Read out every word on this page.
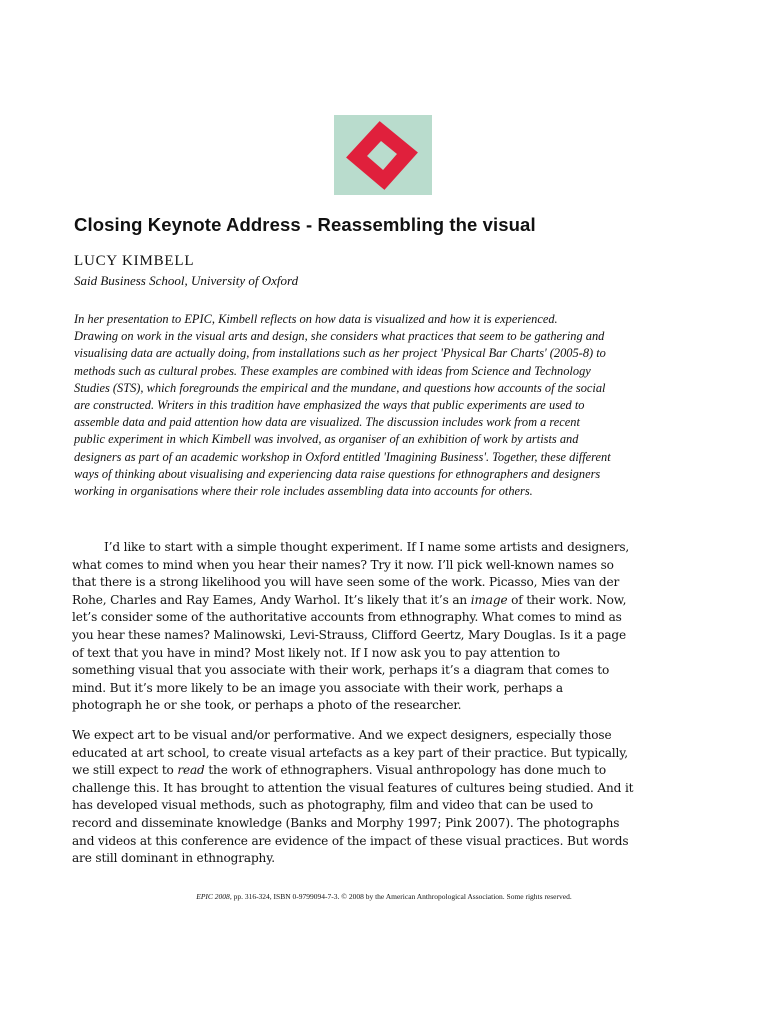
Closing Keynote Address - Reassembling the visual
LUCY KIMBELL
Said Business School, University of Oxford
In her presentation to EPIC, Kimbell reflects on how data is visualized and how it is experienced.
Drawing on work in the visual arts and design, she considers what practices that seem to be gathering and
visualising data are actually doing, from installations such as her project 'Physical Bar Charts' (2005-8) to
methods such as cultural probes. These examples are combined with ideas from Science and Technology
Studies (STS), which foregrounds the empirical and the mundane, and questions how accounts of the social
are constructed. Writers in this tradition have emphasized the ways that public experiments are used to
assemble data and paid attention how data are visualized. The discussion includes work from a recent
public experiment in which Kimbell was involved, as organiser of an exhibition of work by artists and
designers as part of an academic workshop in Oxford entitled 'Imagining Business'. Together, these different
ways of thinking about visualising and experiencing data raise questions for ethnographers and designers
working in organisations where their role includes assembling data into accounts for others.
I’d like to start with a simple thought experiment. If I name some artists and designers,
what comes to mind when you hear their names? Try it now. I’ll pick well-known names so
that there is a strong likelihood you will have seen some of the work. Picasso, Mies van der
Rohe, Charles and Ray Eames, Andy Warhol. It’s likely that it’s an image of their work. Now,
let’s consider some of the authoritative accounts from ethnography. What comes to mind as
you hear these names? Malinowski, Levi-Strauss, Clifford Geertz, Mary Douglas. Is it a page
of text that you have in mind? Most likely not. If I now ask you to pay attention to
something visual that you associate with their work, perhaps it’s a diagram that comes to
mind. But it’s more likely to be an image you associate with their work, perhaps a
photograph he or she took, or perhaps a photo of the researcher.
We expect art to be visual and/or performative. And we expect designers, especially those
educated at art school, to create visual artefacts as a key part of their practice. But typically,
we still expect to read the work of ethnographers. Visual anthropology has done much to
challenge this. It has brought to attention the visual features of cultures being studied. And it
has developed visual methods, such as photography, film and video that can be used to
record and disseminate knowledge (Banks and Morphy 1997; Pink 2007). The photographs
and videos at this conference are evidence of the impact of these visual practices. But words
are still dominant in ethnography.
EPIC 2008, pp. 316-324, ISBN 0-9799094-7-3. © 2008 by the American Anthropological Association. Some rights reserved.
